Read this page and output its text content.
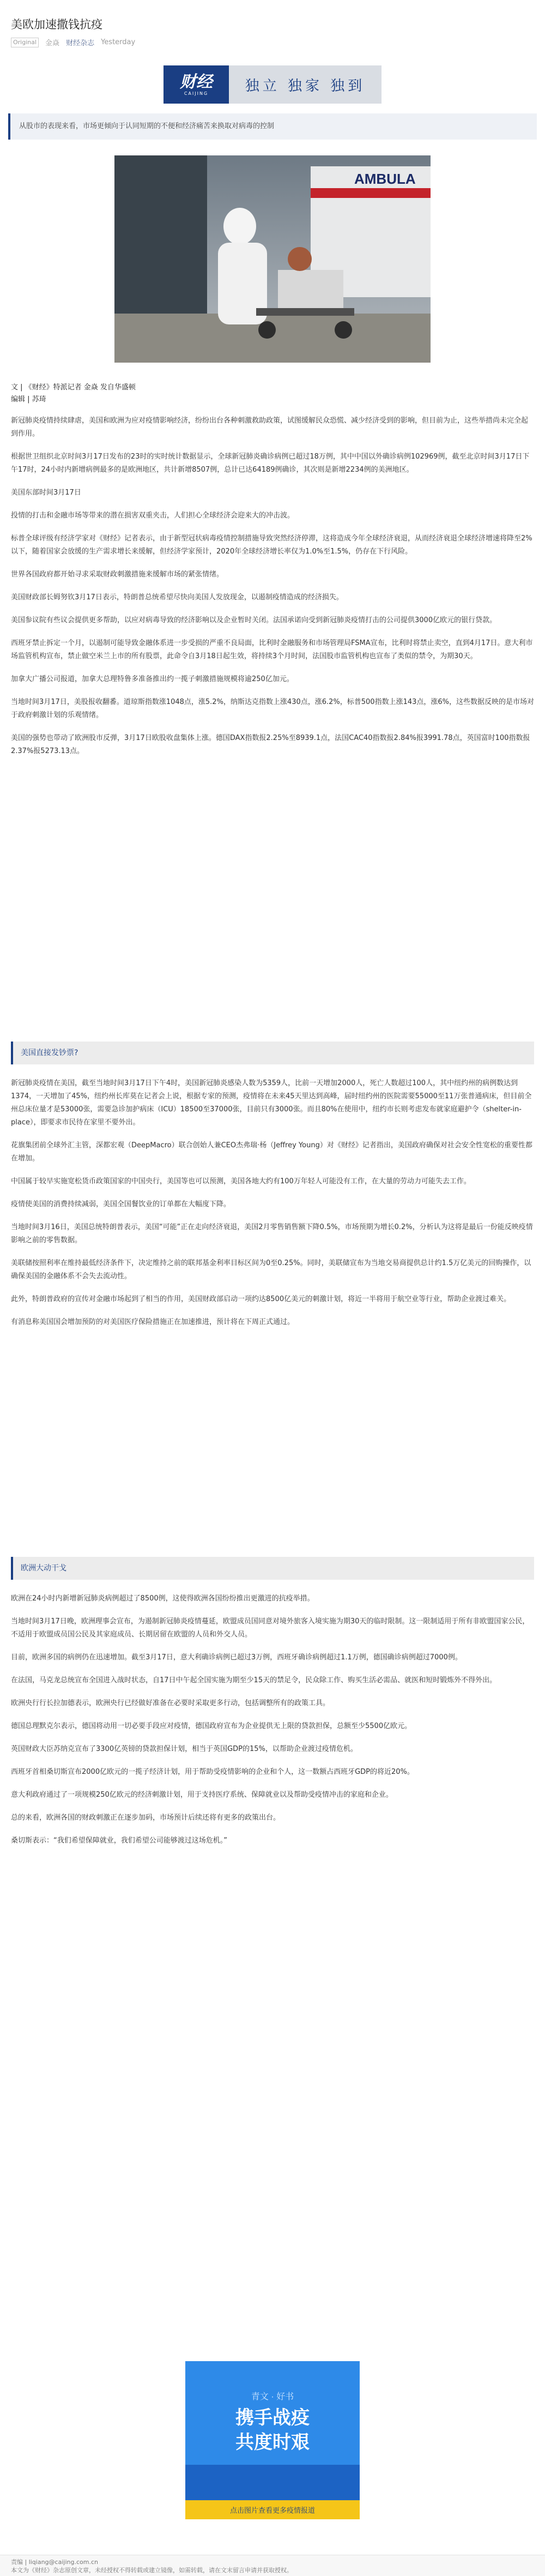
美欧加速撒钱抗疫
Original	金焱 财经杂志 Yesterday
财经
CAIJING	独立 独家 独到
从股市的表现来看，市场更倾向于认同短期的不便和经济痛苦来换取对病毒的控制
AMBULA

文 | 《财经》特派记者 金焱 发自华盛顿

编辑 | 苏琦

新冠肺炎疫情持续肆虐，美国和欧洲为应对疫情影响经济，纷纷出台各种刺激救助政策，试图缓解民众恐慌、减少经济受到的影响，但目前为止，这些举措尚未完全起到作用。

根据世卫组织北京时间3月17日发布的23时的实时统计数据显示，全球新冠肺炎确诊病例已超过18万例，其中中国以外确诊病例102969例，截至北京时间3月17日下午17时，24小时内新增病例最多的是欧洲地区，共计新增8507例，总计已达64189例确诊，其次则是新增2234例的美洲地区。

美国东部时间3月17日

投情的打击和金融市场等带来的潜在损害双重夹击，人们担心全球经济会迎来大的冲击波。

标普全球评级有经济学家对《财经》记者表示，由于新型冠状病毒疫情控制措施导致突然经济停滞，这将造成今年全球经济衰退，从而经济衰退全球经济增速将降至2%以下，随着国家会放缓的生产需求增长来缓解，但经济学家预计，2020年全球经济增长率仅为1.0%至1.5%，仍存在下行风险。

世界各国政府都开始寻求采取财政刺激措施来缓解市场的紧张情绪。

美国财政部长姆努钦3月17日表示，特朗普总统希望尽快向美国人发放现金，以遏制疫情造成的经济损失。

美国参议院有些议会提供更多帮助，以应对病毒导致的经济影响以及企业暂时关闭。法国承诺向受到新冠肺炎疫情打击的公司提供3000亿欧元的银行贷款。

西班牙禁止拆定一个月，以遏制可能导致金融体系进一步受损的严重不良局面，比利时金融服务和市场管理局FSMA宣布，比利时将禁止卖空，直到4月17日。意大利市场监管机构宣布，禁止做空米兰上市的所有股票，此命令自3月18日起生效，将持续3个月时间，法国股市监管机构也宣布了类似的禁令，为期30天。

加拿大广播公司报道，加拿大总理特鲁多准备推出约一揽子刺激措施规模将逾250亿加元。

当地时间3月17日，美股报收翻番。道琼斯指数涨1048点，涨5.2%，纳斯达克指数上涨430点，涨6.2%，标普500指数上涨143点，涨6%，这些数据反映的是市场对于政府刺激计划的乐观情绪。

美国的强势也带动了欧洲股市反弹，3月17日欧股收盘集体上涨。德国DAX指数报2.25%至8939.1点，法国CAC40指数报2.84%报3991.78点，英国富时100指数报2.37%报5273.13点。

美国直接发钞票?

新冠肺炎疫情在美国，截至当地时间3月17日下午4时，美国新冠肺炎感染人数为5359人，比前一天增加2000人，死亡人数超过100人，其中纽约州的病例数达到1374，一天增加了45%，纽约州长库莫在记者会上说，根据专家的预测，疫情将在未来45天里达到高峰，届时纽约州的医院需要55000至11万张普通病床，但目前全州总床位量才是53000张，需要急诊加护病床（ICU）18500至37000张，目前只有3000张。而且80%在使用中，纽约市长则考虑发布就家庭避护令（shelter-in-place），即要求市民待在家里不要外出。

花旗集团前全球外汇主管，深都宏观（DeepMacro）联合创始人兼CEO杰弗瑞·杨（Jeffrey Young）对《财经》记者指出，美国政府确保对社会安全性宽松的重要性都在增加。

中国属于较早实施宽松货币政策国家的中国央行，美国等也可以预测，美国各地大约有100万年轻人可能没有工作，在大量的劳动力可能失去工作。

疫情使美国的消费持续减弱，美国全国餐饮业的订单都在大幅度下降。

当地时间3月16日，美国总统特朗普表示，美国“可能”正在走向经济衰退，美国2月零售销售额下降0.5%，市场预期为增长0.2%，分析认为这将是最后一份能反映疫情影响之前的零售数据。

美联储按照利率在维持最低经济条件下，决定维持之前的联邦基金利率目标区间为0至0.25%。同时，美联储宣布为当地交易商提供总计约1.5万亿美元的回购操作，以确保美国的金融体系不会失去流动性。

此外，特朗普政府的宣传对金融市场起到了相当的作用，美国财政部启动一项约达8500亿美元的刺激计划，将近一半将用于航空业等行业，帮助企业渡过难关。

有消息称美国国会增加预防的对美国医疗保险措施正在加速推进，预计将在下周正式通过。

欧洲大动干戈

欧洲在24小时内新增新冠肺炎病例超过了8500例，这使得欧洲各国纷纷推出更激进的抗疫举措。

当地时间3月17日晚，欧洲理事会宣布，为遏制新冠肺炎疫情蔓延，欧盟成员国同意对境外旅客入境实施为期30天的临时限制。这一限制适用于所有非欧盟国家公民，不适用于欧盟成员国公民及其家庭成员、长期居留在欧盟的人员和外交人员。

目前，欧洲多国的病例仍在迅速增加。截至3月17日，意大利确诊病例已超过3万例，西班牙确诊病例超过1.1万例，德国确诊病例超过7000例。

在法国，马克龙总统宣布全国进入战时状态，自17日中午起全国实施为期至少15天的禁足令，民众除工作、购买生活必需品、就医和短时锻炼外不得外出。

欧洲央行行长拉加德表示，欧洲央行已经做好准备在必要时采取更多行动，包括调整所有的政策工具。

德国总理默克尔表示，德国将动用一切必要手段应对疫情，德国政府宣布为企业提供无上限的贷款担保，总额至少5500亿欧元。

英国财政大臣苏纳克宣布了3300亿英镑的贷款担保计划，相当于英国GDP的15%，以帮助企业渡过疫情危机。

西班牙首相桑切斯宣布2000亿欧元的一揽子经济计划，用于帮助受疫情影响的企业和个人，这一数额占西班牙GDP的将近20%。

意大利政府通过了一项规模250亿欧元的经济刺激计划，用于支持医疗系统、保障就业以及帮助受疫情冲击的家庭和企业。

总的来看，欧洲各国的财政刺激正在逐步加码，市场预计后续还将有更多的政策出台。

桑切斯表示：“我们希望保障就业，我们希望公司能够渡过这场危机。”

青文 · 好书
携手战疫
共度时艰
点击图片查看更多疫情报道
责编 | liqiang@caijing.com.cn
本文为《财经》杂志原创文章，未经授权不得转载或建立镜像，如需转载，请在文末留言申请并获取授权。
